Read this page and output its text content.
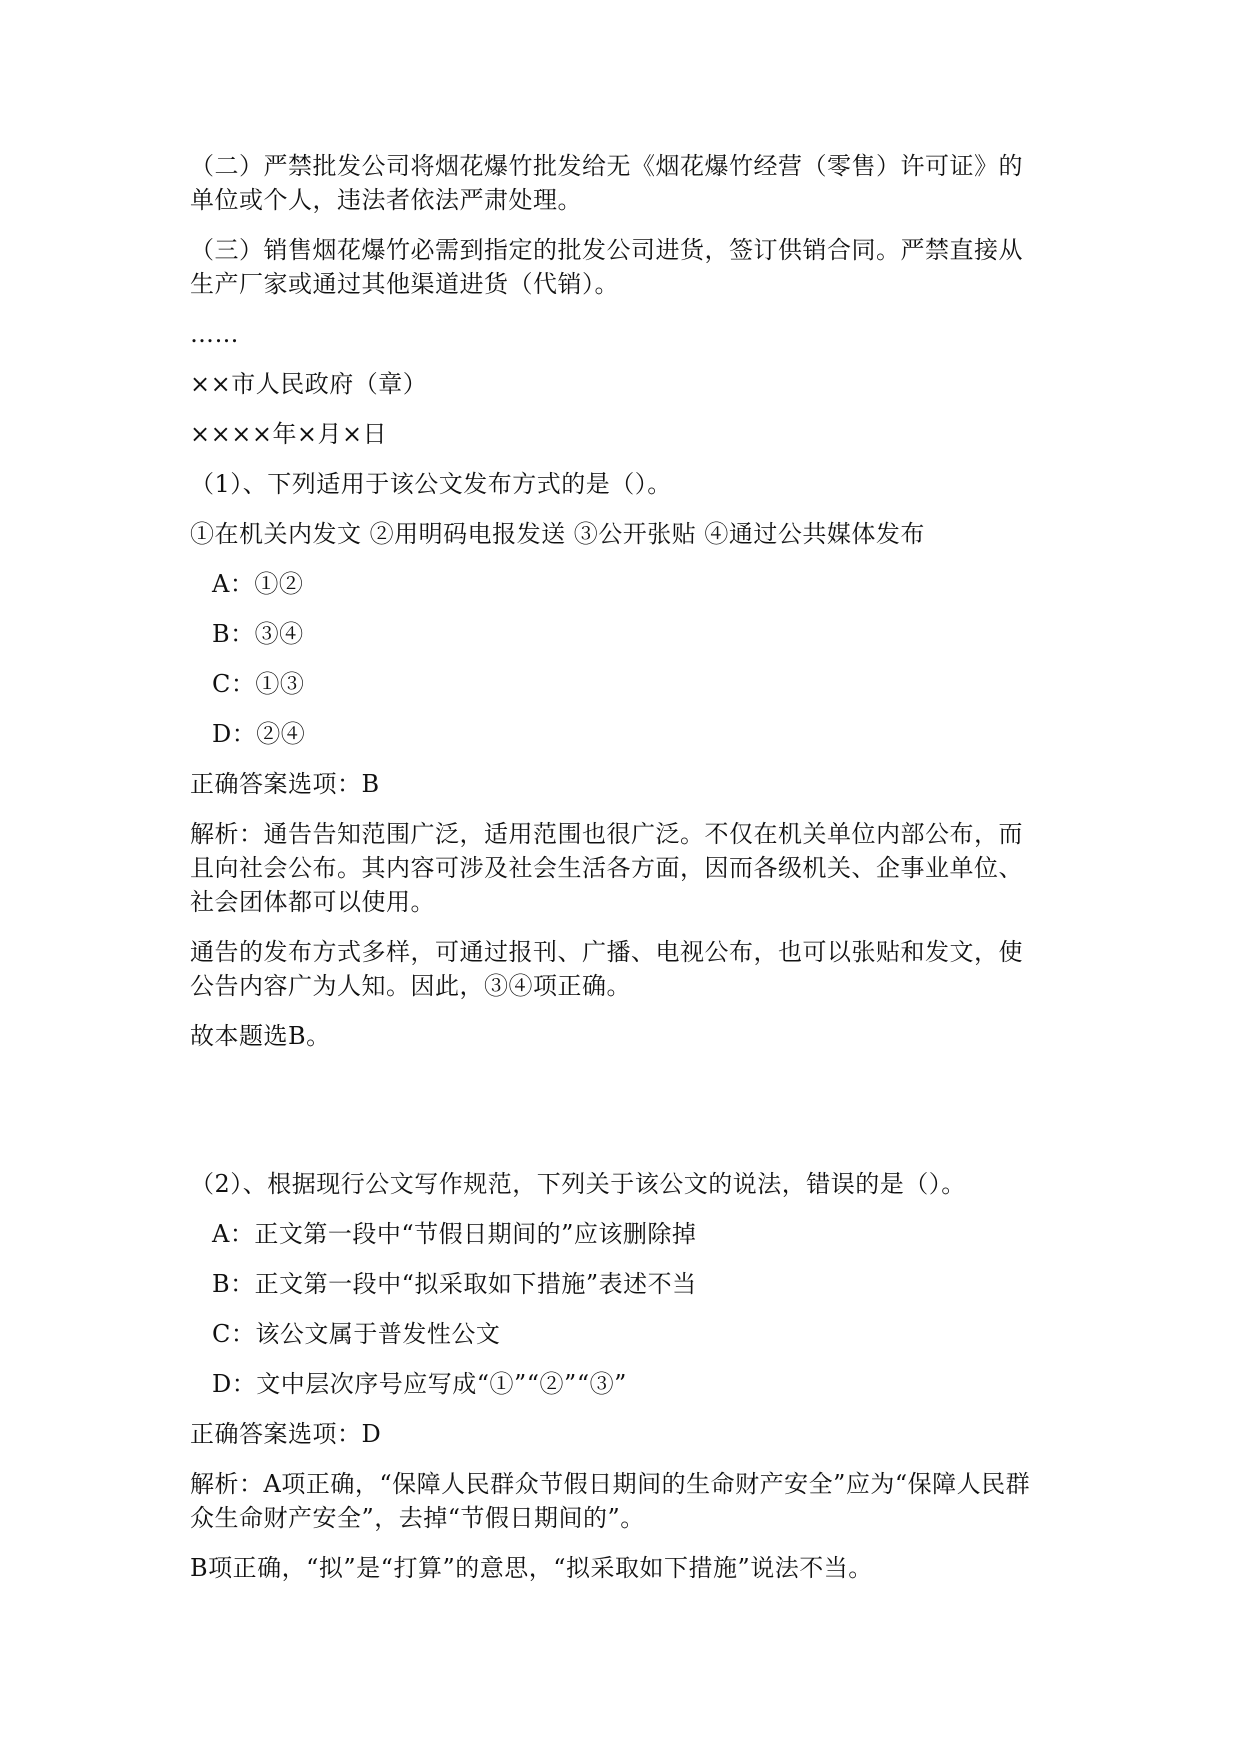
（二）严禁批发公司将烟花爆竹批发给无《烟花爆竹经营（零售）许可证》的
单位或个人，违法者依法严肃处理。
（三）销售烟花爆竹必需到指定的批发公司进货，签订供销合同。严禁直接从
生产厂家或通过其他渠道进货（代销）。
……
××市人民政府（章）
××××年×月×日
（1）、下列适用于该公文发布方式的是（）。
①在机关内发文 ②用明码电报发送 ③公开张贴 ④通过公共媒体发布
A：①②
B：③④
C：①③
D：②④
正确答案选项：B
解析：通告告知范围广泛，适用范围也很广泛。不仅在机关单位内部公布，而
且向社会公布。其内容可涉及社会生活各方面，因而各级机关、企事业单位、
社会团体都可以使用。
通告的发布方式多样，可通过报刊、广播、电视公布，也可以张贴和发文，使
公告内容广为人知。因此，③④项正确。
故本题选B。
（2）、根据现行公文写作规范，下列关于该公文的说法，错误的是（）。
A：正文第一段中“节假日期间的”应该删除掉
B：正文第一段中“拟采取如下措施”表述不当
C：该公文属于普发性公文
D：文中层次序号应写成“①”“②”“③”
正确答案选项：D
解析：A项正确，“保障人民群众节假日期间的生命财产安全”应为“保障人民群
众生命财产安全”，去掉“节假日期间的”。
B项正确，“拟”是“打算”的意思，“拟采取如下措施”说法不当。
